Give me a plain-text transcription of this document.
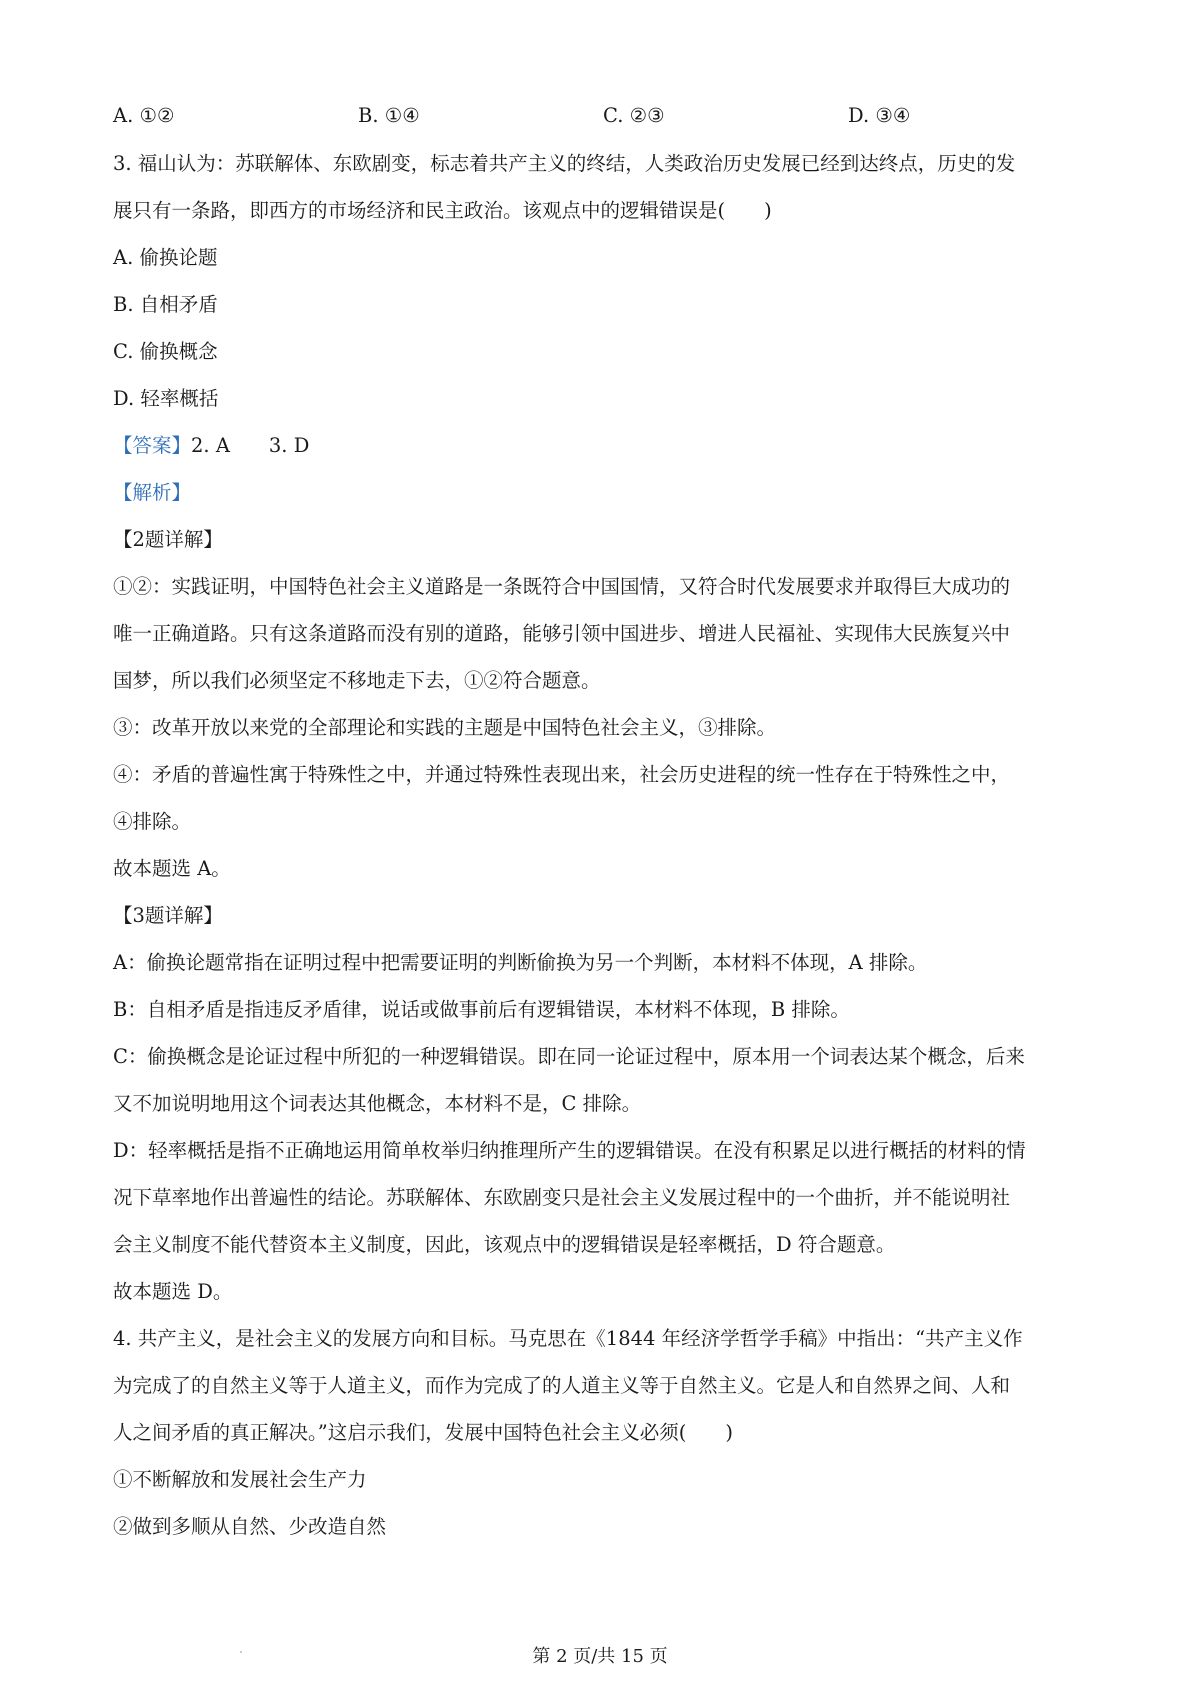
A. ①②	B. ①④	C. ②③	D. ③④
3. 福山认为：苏联解体、东欧剧变，标志着共产主义的终结，人类政治历史发展已经到达终点，历史的发
展只有一条路，即西方的市场经济和民主政治。该观点中的逻辑错误是(　　)
A. 偷换论题
B. 自相矛盾
C. 偷换概念
D. 轻率概括
【答案】2. A　　3. D
【解析】
【2题详解】
①②：实践证明，中国特色社会主义道路是一条既符合中国国情，又符合时代发展要求并取得巨大成功的
唯一正确道路。只有这条道路而没有别的道路，能够引领中国进步、增进人民福祉、实现伟大民族复兴中
国梦，所以我们必须坚定不移地走下去，①②符合题意。
③：改革开放以来党的全部理论和实践的主题是中国特色社会主义，③排除。
④：矛盾的普遍性寓于特殊性之中，并通过特殊性表现出来，社会历史进程的统一性存在于特殊性之中，
④排除。
故本题选 A。
【3题详解】
A：偷换论题常指在证明过程中把需要证明的判断偷换为另一个判断，本材料不体现，A 排除。
B：自相矛盾是指违反矛盾律，说话或做事前后有逻辑错误，本材料不体现，B 排除。
C：偷换概念是论证过程中所犯的一种逻辑错误。即在同一论证过程中，原本用一个词表达某个概念，后来
又不加说明地用这个词表达其他概念，本材料不是，C 排除。
D：轻率概括是指不正确地运用简单枚举归纳推理所产生的逻辑错误。在没有积累足以进行概括的材料的情
况下草率地作出普遍性的结论。苏联解体、东欧剧变只是社会主义发展过程中的一个曲折，并不能说明社
会主义制度不能代替资本主义制度，因此，该观点中的逻辑错误是轻率概括，D 符合题意。
故本题选 D。
4. 共产主义，是社会主义的发展方向和目标。马克思在《1844 年经济学哲学手稿》中指出：“共产主义作
为完成了的自然主义等于人道主义，而作为完成了的人道主义等于自然主义。它是人和自然界之间、人和
人之间矛盾的真正解决。”这启示我们，发展中国特色社会主义必须(　　)
①不断解放和发展社会生产力
②做到多顺从自然、少改造自然
第 2 页/共 15 页
